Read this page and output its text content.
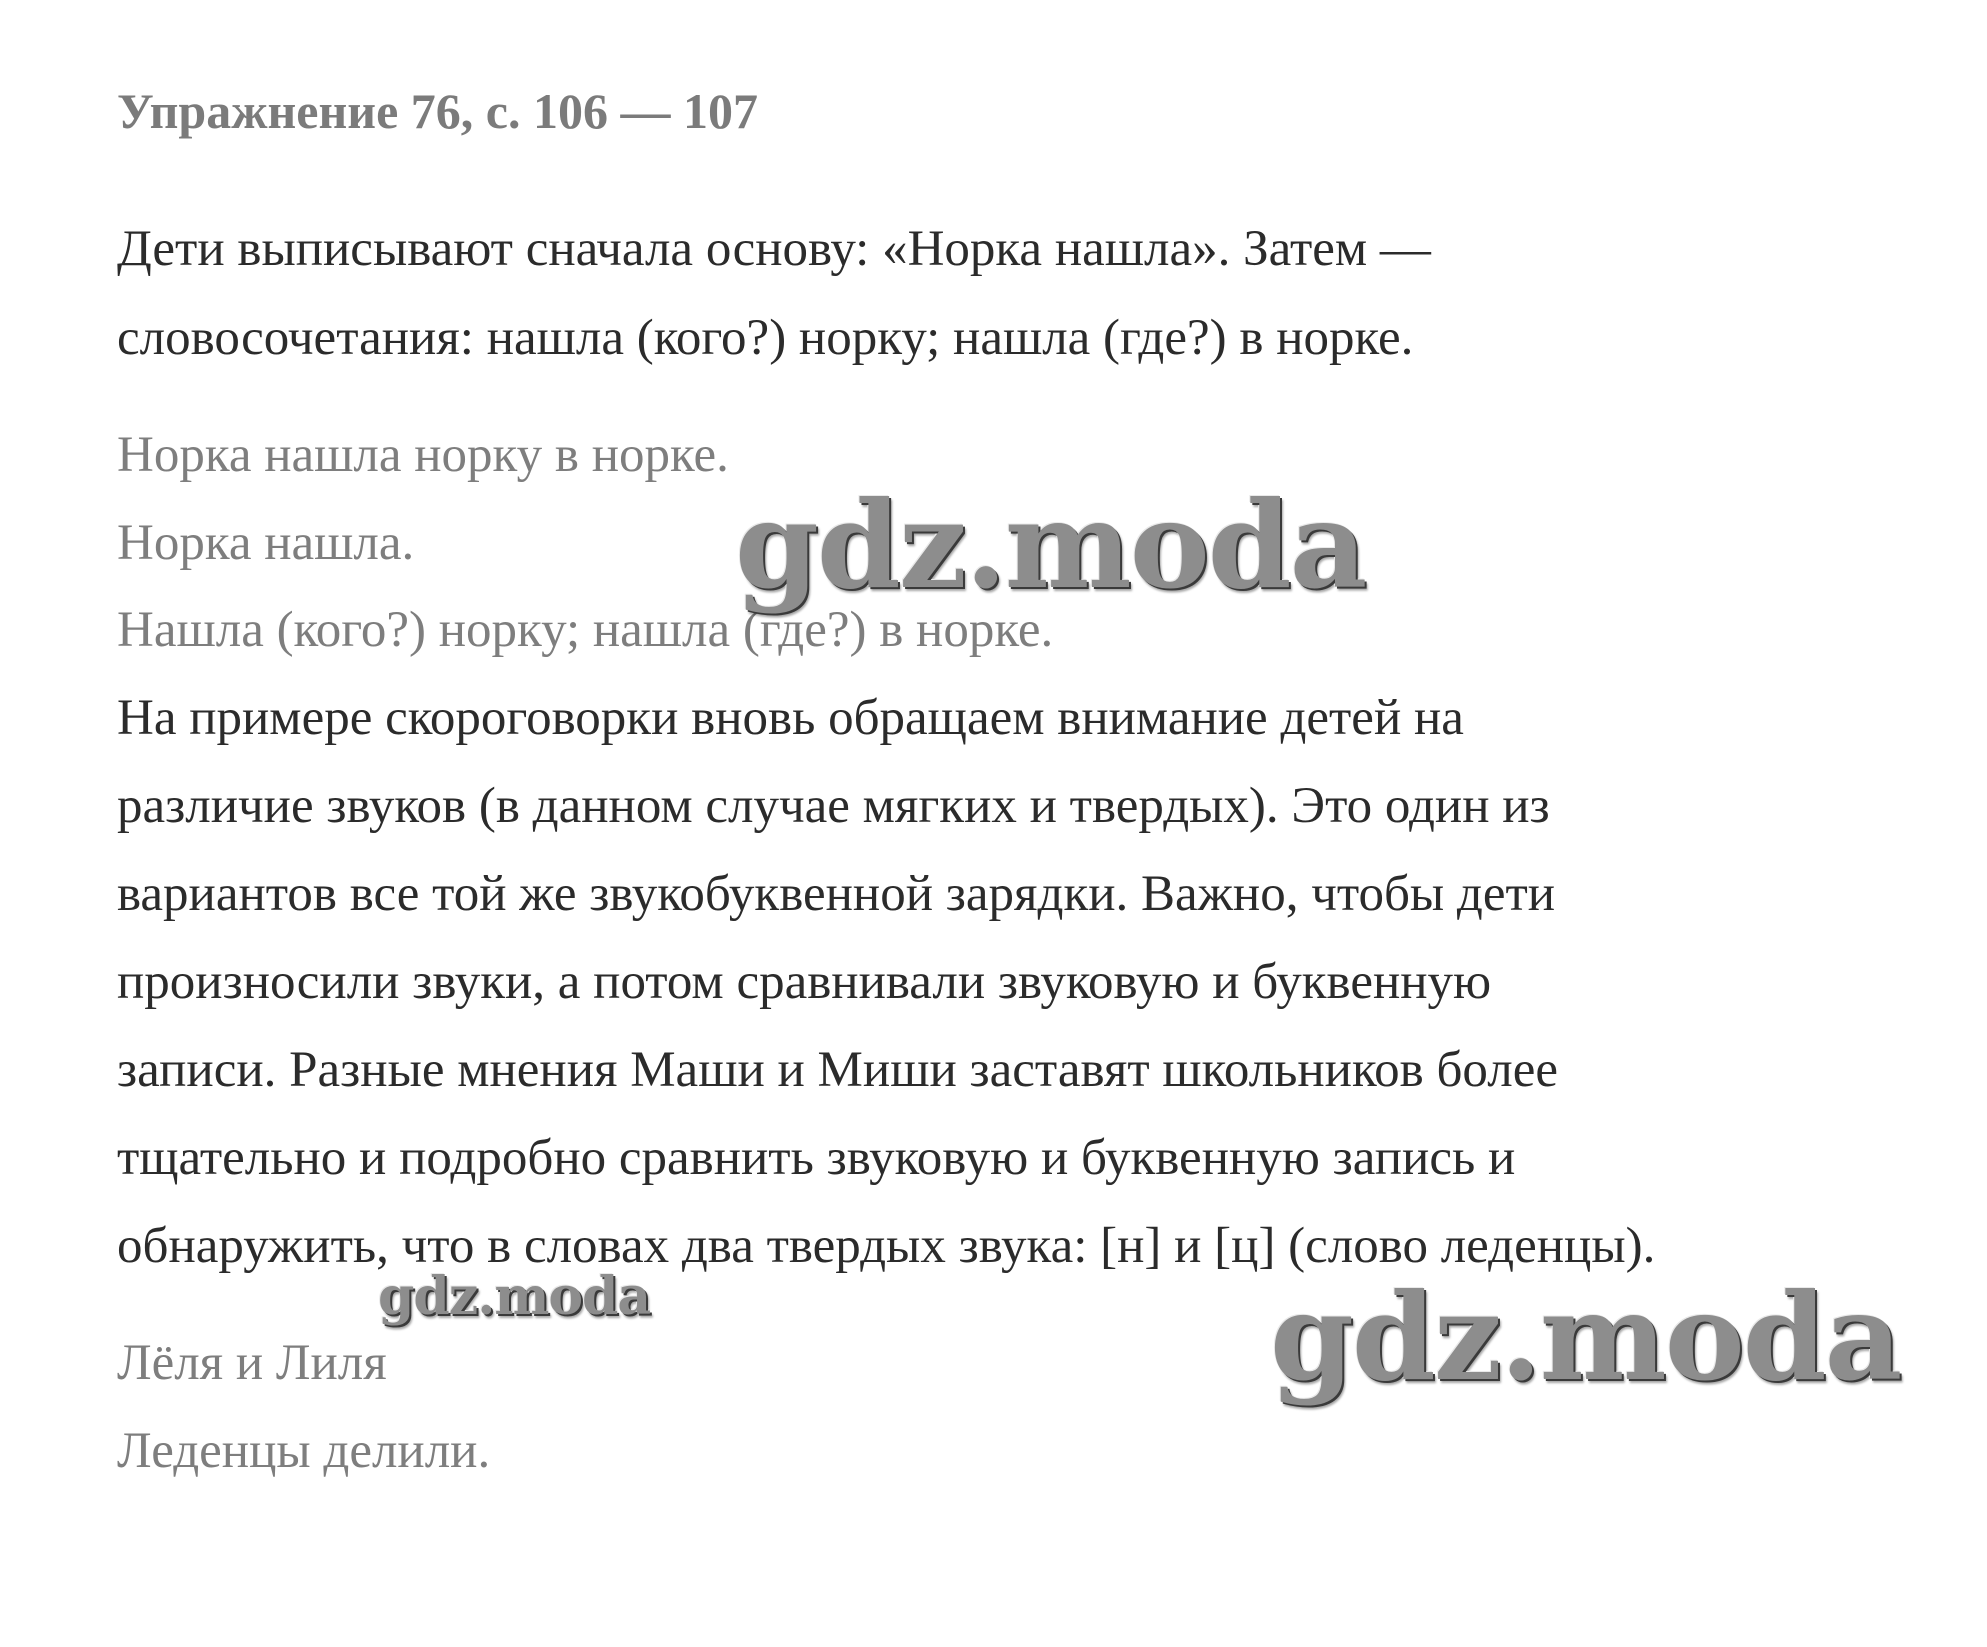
Упражнение 76, с. 106 — 107
Дети выписывают сначала основу: «Норка нашла». Затем —
словосочетания: нашла (кого?) норку; нашла (где?) в норке.
Норка нашла норку в норке.
Норка нашла.
Нашла (кого?) норку; нашла (где?) в норке.
На примере скороговорки вновь обращаем внимание детей на
различие звуков (в данном случае мягких и твердых). Это один из
вариантов все той же звукобуквенной зарядки. Важно, чтобы дети
произносили звуки, а потом сравнивали звуковую и буквенную
записи. Разные мнения Маши и Миши заставят школьников более
тщательно и подробно сравнить звуковую и буквенную запись и
обнаружить, что в словах два твердых звука: [н] и [ц] (слово леденцы).
Лёля и Лиля
Леденцы делили.
gdz.moda
gdz.moda	gdz.moda
